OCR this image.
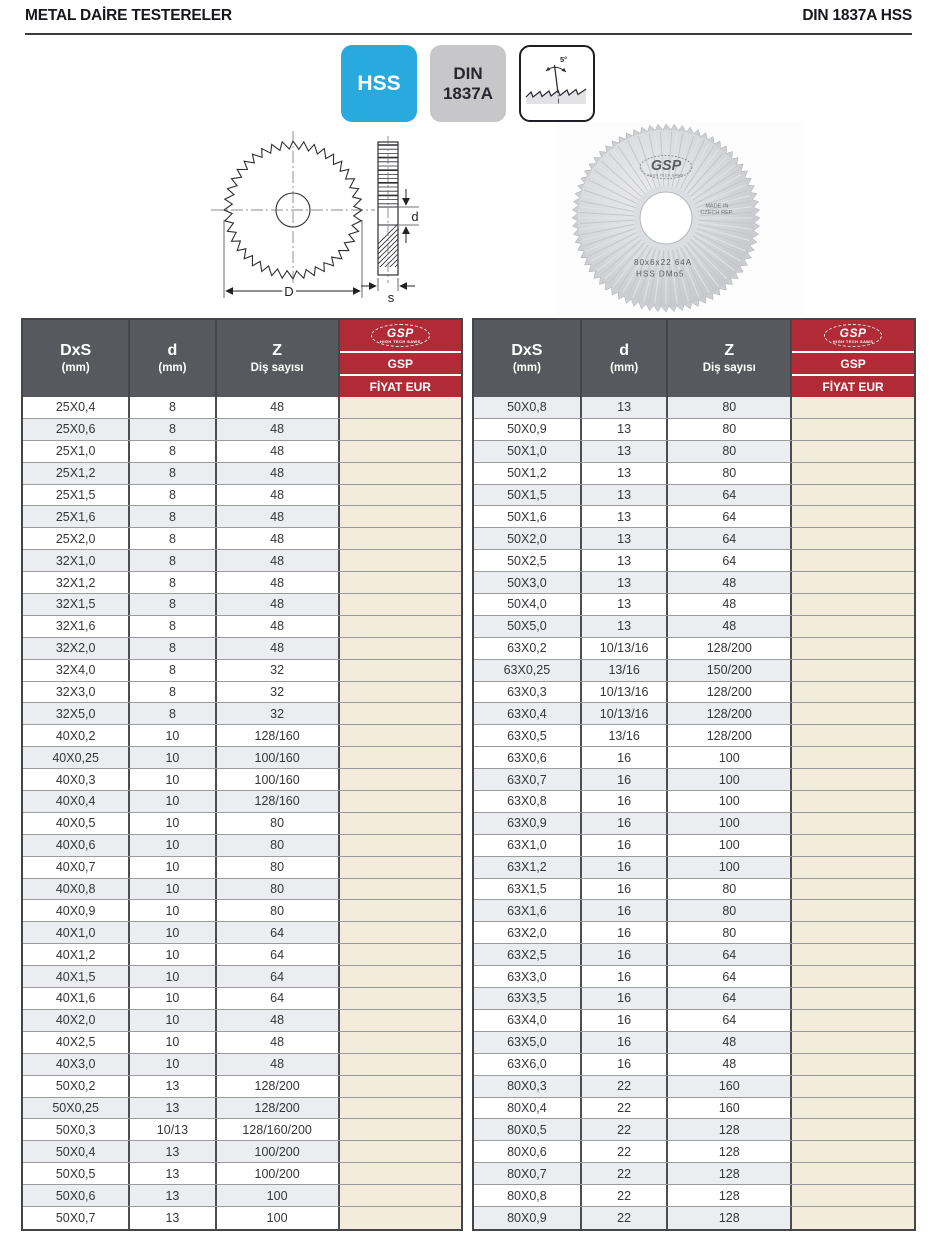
METAL DAİRE TESTERELER	DIN 1837A HSS
HSS	DIN
1837A
5°
D
d
s
GSP
HIGH TECH SAWS
MADE IN
CZECH REP.
80x6x22 64A
HSS DMo5
DxS
(mm)
d
(mm)
Z
Diş sayısı
GSP
HIGH TECH SAWS
GSP
FİYAT EUR
25X0,4	8	48
25X0,6	8	48
25X1,0	8	48
25X1,2	8	48
25X1,5	8	48
25X1,6	8	48
25X2,0	8	48
32X1,0	8	48
32X1,2	8	48
32X1,5	8	48
32X1,6	8	48
32X2,0	8	48
32X4,0	8	32
32X3,0	8	32
32X5,0	8	32
40X0,2	10	128/160
40X0,25	10	100/160
40X0,3	10	100/160
40X0,4	10	128/160
40X0,5	10	80
40X0,6	10	80
40X0,7	10	80
40X0,8	10	80
40X0,9	10	80
40X1,0	10	64
40X1,2	10	64
40X1,5	10	64
40X1,6	10	64
40X2,0	10	48
40X2,5	10	48
40X3,0	10	48
50X0,2	13	128/200
50X0,25	13	128/200
50X0,3	10/13	128/160/200
50X0,4	13	100/200
50X0,5	13	100/200
50X0,6	13	100
50X0,7	13	100
DxS
(mm)
d
(mm)
Z
Diş sayısı
GSP
HIGH TECH SAWS
GSP
FİYAT EUR
50X0,8	13	80
50X0,9	13	80
50X1,0	13	80
50X1,2	13	80
50X1,5	13	64
50X1,6	13	64
50X2,0	13	64
50X2,5	13	64
50X3,0	13	48
50X4,0	13	48
50X5,0	13	48
63X0,2	10/13/16	128/200
63X0,25	13/16	150/200
63X0,3	10/13/16	128/200
63X0,4	10/13/16	128/200
63X0,5	13/16	128/200
63X0,6	16	100
63X0,7	16	100
63X0,8	16	100
63X0,9	16	100
63X1,0	16	100
63X1,2	16	100
63X1,5	16	80
63X1,6	16	80
63X2,0	16	80
63X2,5	16	64
63X3,0	16	64
63X3,5	16	64
63X4,0	16	64
63X5,0	16	48
63X6,0	16	48
80X0,3	22	160
80X0,4	22	160
80X0,5	22	128
80X0,6	22	128
80X0,7	22	128
80X0,8	22	128
80X0,9	22	128
